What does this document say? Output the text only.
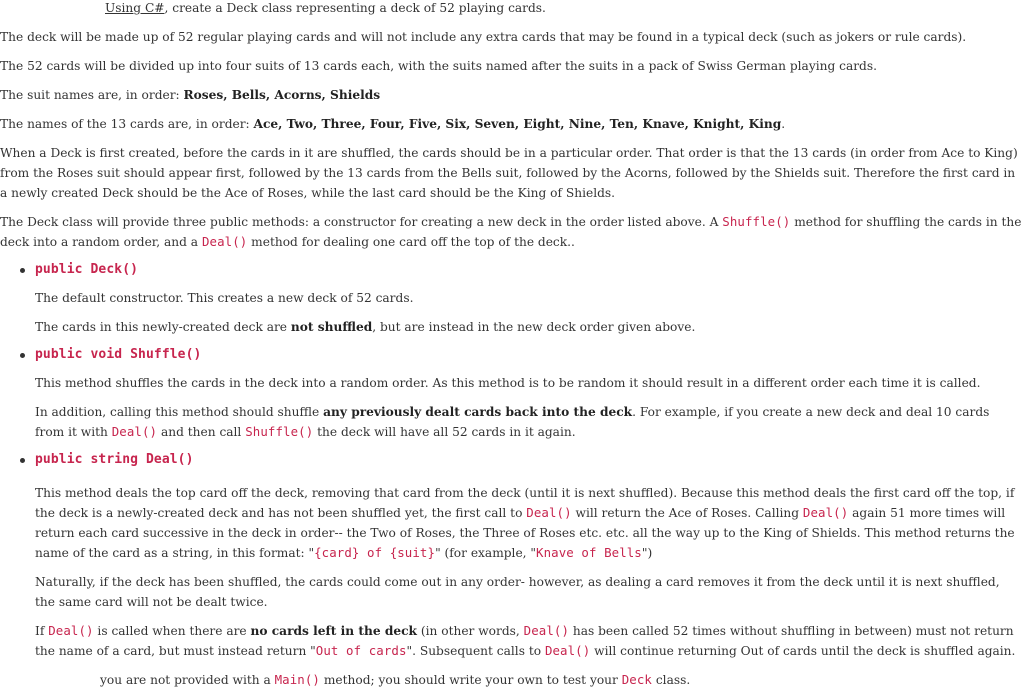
Using C#, create a Deck class representing a deck of 52 playing cards.

The deck will be made up of 52 regular playing cards and will not include any extra cards that may be found in a typical deck (such as jokers or rule cards).

The 52 cards will be divided up into four suits of 13 cards each, with the suits named after the suits in a pack of Swiss German playing cards.

The suit names are, in order: Roses, Bells, Acorns, Shields

The names of the 13 cards are, in order: Ace, Two, Three, Four, Five, Six, Seven, Eight, Nine, Ten, Knave, Knight, King.

When a Deck is first created, before the cards in it are shuffled, the cards should be in a particular order. That order is that the 13 cards (in order from Ace to King) from the Roses suit should appear first, followed by the 13 cards from the Bells suit, followed by the Acorns, followed by the Shields suit. Therefore the first card in a newly created Deck should be the Ace of Roses, while the last card should be the King of Shields.

The Deck class will provide three public methods: a constructor for creating a new deck in the order listed above. A Shuffle() method for shuffling the cards in the deck into a random order, and a Deal() method for dealing one card off the top of the deck..

public Deck()

The default constructor. This creates a new deck of 52 cards.

The cards in this newly-created deck are not shuffled, but are instead in the new deck order given above.

public void Shuffle()

This method shuffles the cards in the deck into a random order. As this method is to be random it should result in a different order each time it is called.

In addition, calling this method should shuffle any previously dealt cards back into the deck. For example, if you create a new deck and deal 10 cards from it with Deal() and then call Shuffle() the deck will have all 52 cards in it again.

public string Deal()

This method deals the top card off the deck, removing that card from the deck (until it is next shuffled). Because this method deals the first card off the top, if the deck is a newly-created deck and has not been shuffled yet, the first call to Deal() will return the Ace of Roses. Calling Deal() again 51 more times will return each card successive in the deck in order-- the Two of Roses, the Three of Roses etc. etc. all the way up to the King of Shields. This method returns the name of the card as a string, in this format: "{card} of {suit}" (for example, "Knave of Bells")

Naturally, if the deck has been shuffled, the cards could come out in any order- however, as dealing a card removes it from the deck until it is next shuffled, the same card will not be dealt twice.

If Deal() is called when there are no cards left in the deck (in other words, Deal() has been called 52 times without shuffling in between) must not return the name of a card, but must instead return "Out of cards". Subsequent calls to Deal() will continue returning Out of cards until the deck is shuffled again.

you are not provided with a Main() method; you should write your own to test your Deck class.
